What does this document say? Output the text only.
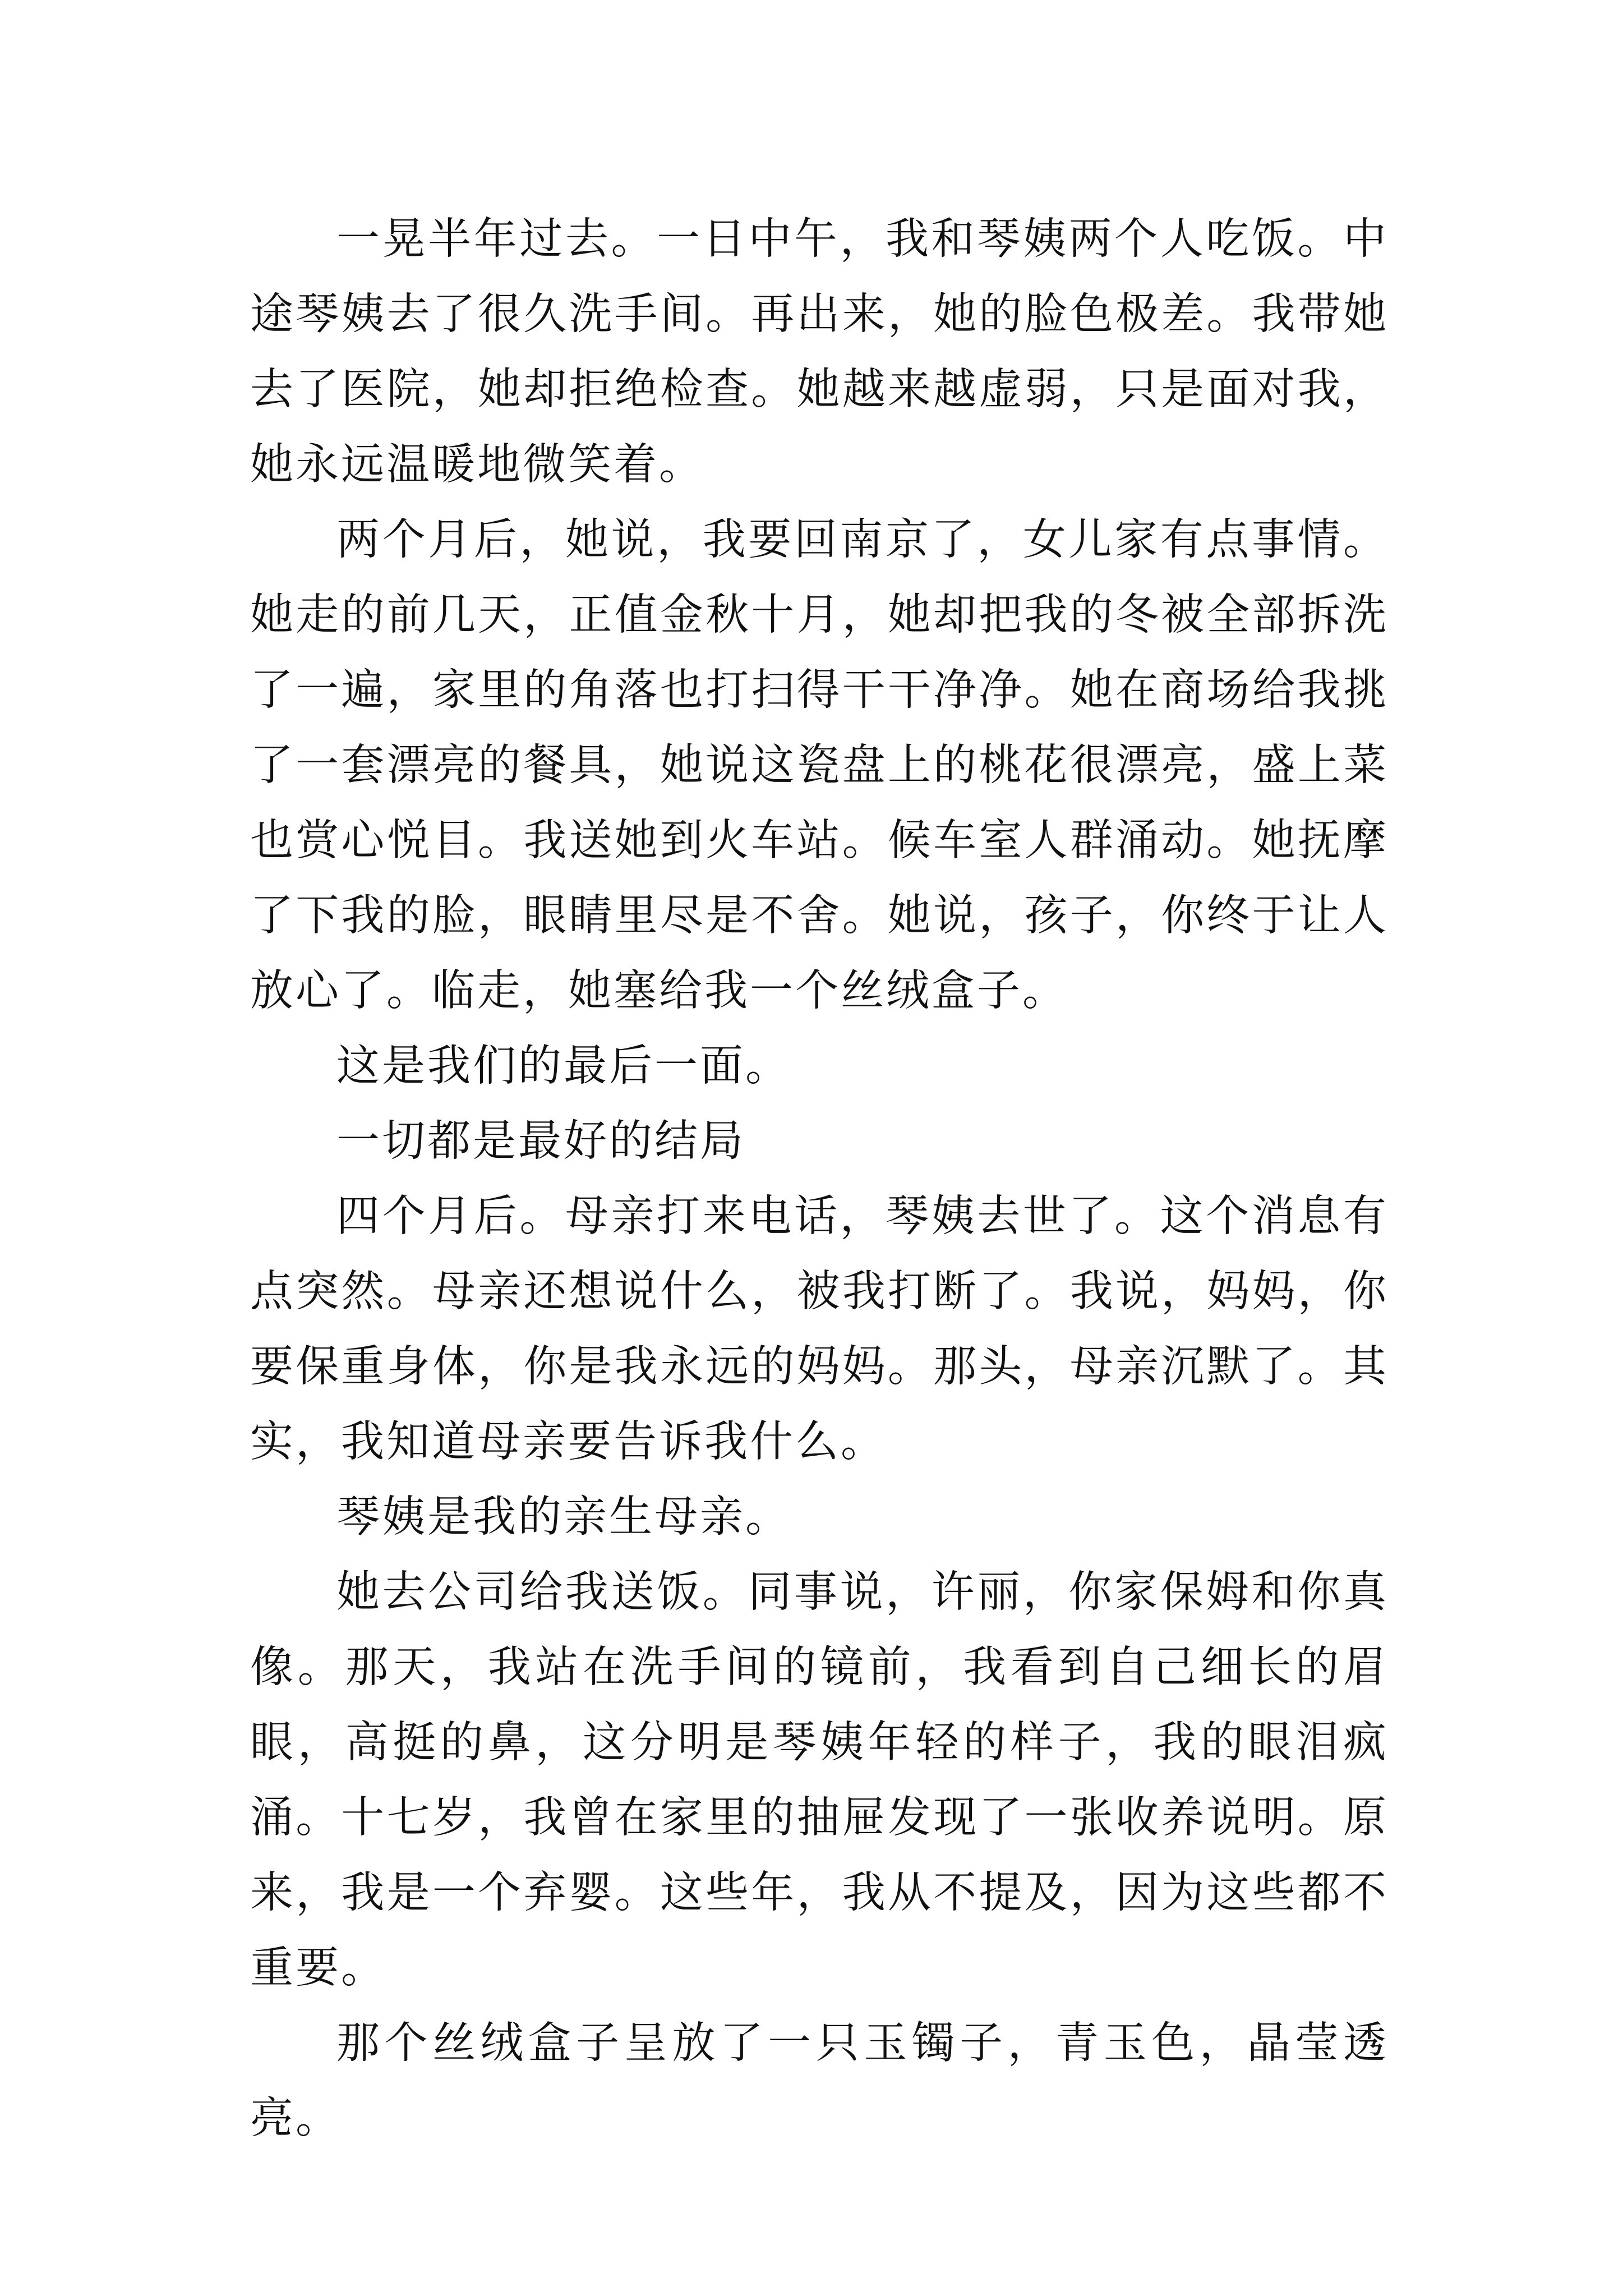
一晃半年过去。一日中午，我和琴姨两个人吃饭。中途琴姨去了很久洗手间。再出来，她的脸色极差。我带她去了医院，她却拒绝检查。她越来越虚弱，只是面对我，她永远温暖地微笑着。

两个月后，她说，我要回南京了，女儿家有点事情。她走的前几天，正值金秋十月，她却把我的冬被全部拆洗了一遍，家里的角落也打扫得干干净净。她在商场给我挑了一套漂亮的餐具，她说这瓷盘上的桃花很漂亮，盛上菜也赏心悦目。我送她到火车站。候车室人群涌动。她抚摩了下我的脸，眼睛里尽是不舍。她说，孩子，你终于让人放心了。临走，她塞给我一个丝绒盒子。

这是我们的最后一面。

一切都是最好的结局

四个月后。母亲打来电话，琴姨去世了。这个消息有点突然。母亲还想说什么，被我打断了。我说，妈妈，你要保重身体，你是我永远的妈妈。那头，母亲沉默了。其实，我知道母亲要告诉我什么。

琴姨是我的亲生母亲。

她去公司给我送饭。同事说，许丽，你家保姆和你真像。那天，我站在洗手间的镜前，我看到自己细长的眉眼，高挺的鼻，这分明是琴姨年轻的样子，我的眼泪疯涌。十七岁，我曾在家里的抽屉发现了一张收养说明。原来，我是一个弃婴。这些年，我从不提及，因为这些都不重要。

那个丝绒盒子呈放了一只玉镯子，青玉色，晶莹透亮。
